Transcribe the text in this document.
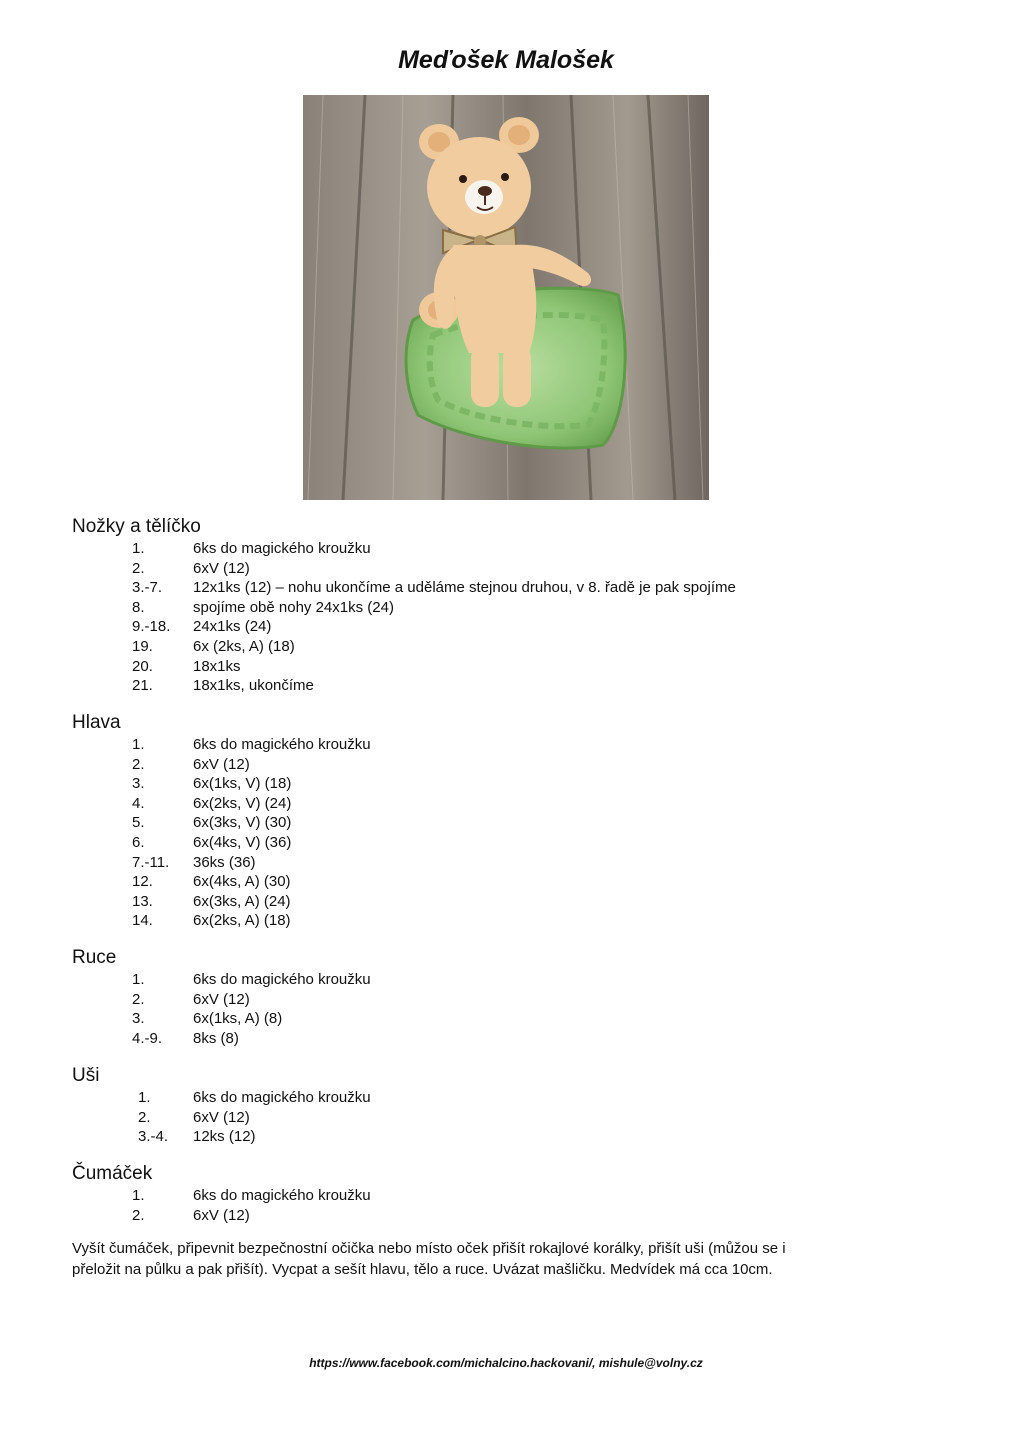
Meďošek Malošek
Nožky a tělíčko
1.	6ks do magického kroužku
2.	6xV (12)
3.-7. 12x1ks (12) – nohu ukončíme a uděláme stejnou druhou, v 8. řadě je pak spojíme
8.	spojíme obě nohy 24x1ks (24)
9.-18. 24x1ks (24)
19.	6x (2ks, A) (18)
20.	18x1ks
21.	18x1ks, ukončíme
Hlava
1.	6ks do magického kroužku
2.	6xV (12)
3.	6x(1ks, V) (18)
4.	6x(2ks, V) (24)
5.	6x(3ks, V) (30)
6.	6x(4ks, V) (36)
7.-11. 36ks (36)
12.	6x(4ks, A) (30)
13.	6x(3ks, A) (24)
14.	6x(2ks, A) (18)
Ruce
1.	6ks do magického kroužku
2.	6xV (12)
3.	6x(1ks, A) (8)
4.-9. 8ks (8)
Uši
1.	6ks do magického kroužku
2.	6xV (12)
3.-4. 12ks (12)
Čumáček
1.	6ks do magického kroužku
2.	6xV (12)
Vyšít čumáček, připevnit bezpečnostní očička nebo místo oček přišít rokajlové korálky, přišít uši (můžou se i
přeložit na půlku a pak přišít). Vycpat a sešít hlavu, tělo a ruce. Uvázat mašličku. Medvídek má cca 10cm.
https://www.facebook.com/michalcino.hackovani/, mishule@volny.cz
